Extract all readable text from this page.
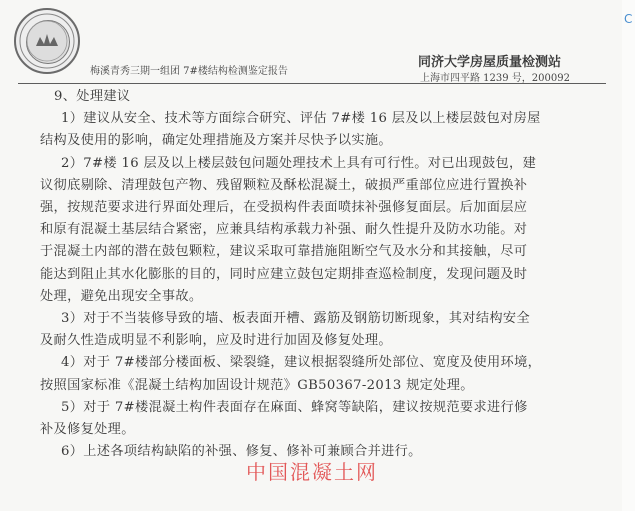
梅溪青秀三期一组团 7#楼结构检测鉴定报告
同济大学房屋质量检测站
上海市四平路 1239 号，200092
9、处理建议
1）建议从安全、技术等方面综合研究、评估 7#楼 16 层及以上楼层鼓包对房屋
结构及使用的影响，确定处理措施及方案并尽快予以实施。
2）7#楼 16 层及以上楼层鼓包问题处理技术上具有可行性。对已出现鼓包，建
议彻底剔除、清理鼓包产物、残留颗粒及酥松混凝土，破损严重部位应进行置换补
强，按规范要求进行界面处理后，在受损构件表面喷抹补强修复面层。后加面层应
和原有混凝土基层结合紧密，应兼具结构承载力补强、耐久性提升及防水功能。对
于混凝土内部的潜在鼓包颗粒，建议采取可靠措施阻断空气及水分和其接触，尽可
能达到阻止其水化膨胀的目的，同时应建立鼓包定期排查巡检制度，发现问题及时
处理，避免出现安全事故。
3）对于不当装修导致的墙、板表面开槽、露筋及钢筋切断现象，其对结构安全
及耐久性造成明显不利影响，应及时进行加固及修复处理。
4）对于 7#楼部分楼面板、梁裂缝，建议根据裂缝所处部位、宽度及使用环境，
按照国家标准《混凝土结构加固设计规范》GB50367-2013 规定处理。
5）对于 7#楼混凝土构件表面存在麻面、蜂窝等缺陷，建议按规范要求进行修
补及修复处理。
6）上述各项结构缺陷的补强、修复、修补可兼顾合并进行。
中国混凝土网
C
